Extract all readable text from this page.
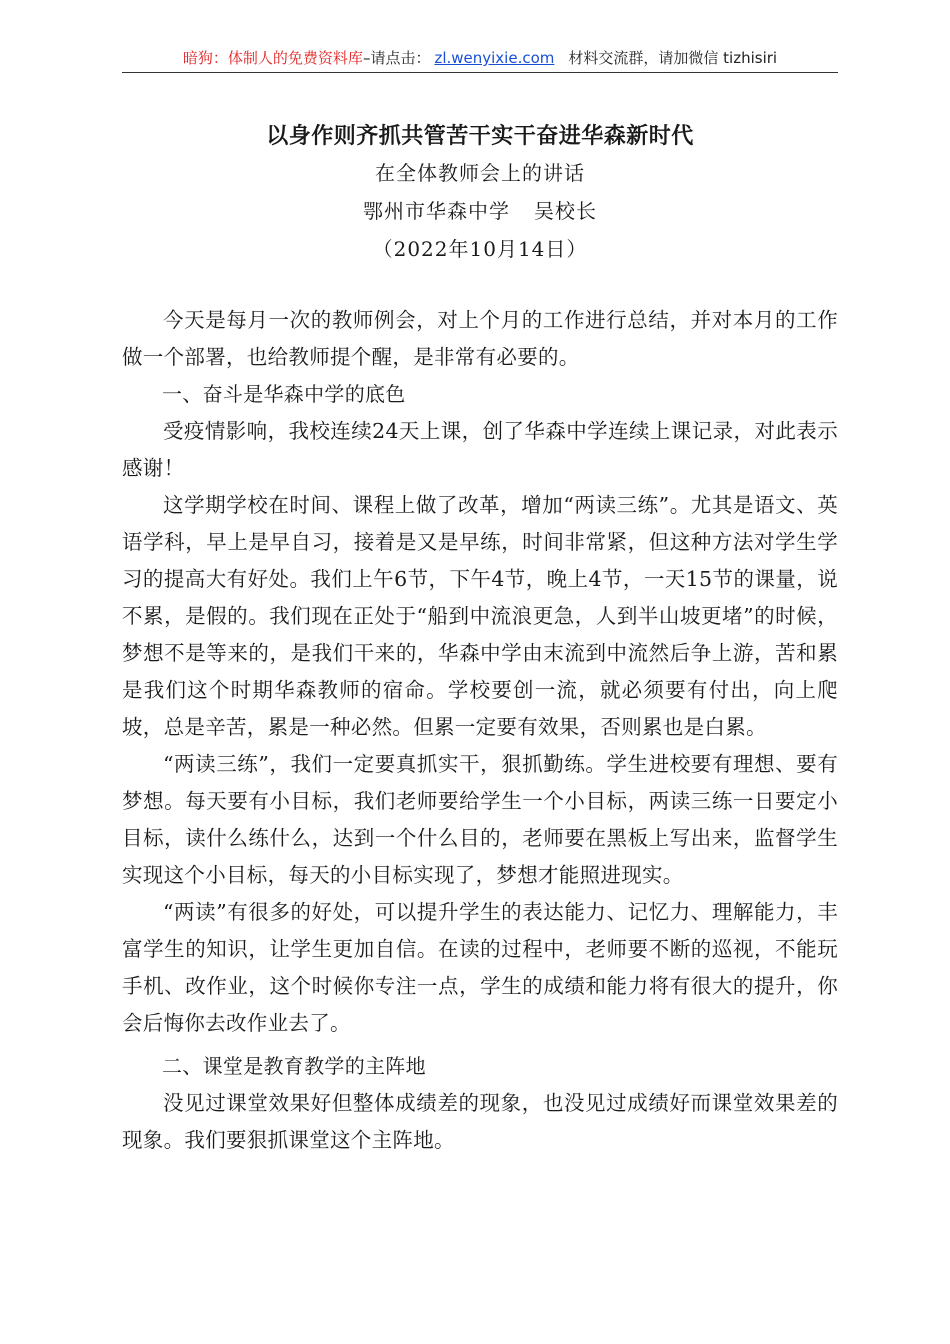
暗狗：体制人的免费资料库–请点击： zl.wenyixie.com 材料交流群，请加微信 tizhisiri

以身作则齐抓共管苦干实干奋进华森新时代

在全体教师会上的讲话

鄂州市华森中学 吴校长

（2022年10月14日）

今天是每月一次的教师例会，对上个月的工作进行总结，并对本月的工作做一个部署，也给教师提个醒，是非常有必要的。

一、奋斗是华森中学的底色

受疫情影响，我校连续24天上课，创了华森中学连续上课记录，对此表示感谢！

这学期学校在时间、课程上做了改革，增加“两读三练”。尤其是语文、英语学科，早上是早自习，接着是又是早练，时间非常紧，但这种方法对学生学习的提高大有好处。我们上午6节，下午4节，晚上4节，一天15节的课量，说不累，是假的。我们现在正处于“船到中流浪更急，人到半山坡更堵”的时候，梦想不是等来的，是我们干来的，华森中学由末流到中流然后争上游，苦和累是我们这个时期华森教师的宿命。学校要创一流，就必须要有付出，向上爬坡，总是辛苦，累是一种必然。但累一定要有效果，否则累也是白累。

“两读三练”，我们一定要真抓实干，狠抓勤练。学生进校要有理想、要有梦想。每天要有小目标，我们老师要给学生一个小目标，两读三练一日要定小目标，读什么练什么，达到一个什么目的，老师要在黑板上写出来，监督学生实现这个小目标，每天的小目标实现了，梦想才能照进现实。

“两读”有很多的好处，可以提升学生的表达能力、记忆力、理解能力，丰富学生的知识，让学生更加自信。在读的过程中，老师要不断的巡视，不能玩手机、改作业，这个时候你专注一点，学生的成绩和能力将有很大的提升，你会后悔你去改作业去了。

二、课堂是教育教学的主阵地

没见过课堂效果好但整体成绩差的现象，也没见过成绩好而课堂效果差的现象。我们要狠抓课堂这个主阵地。
